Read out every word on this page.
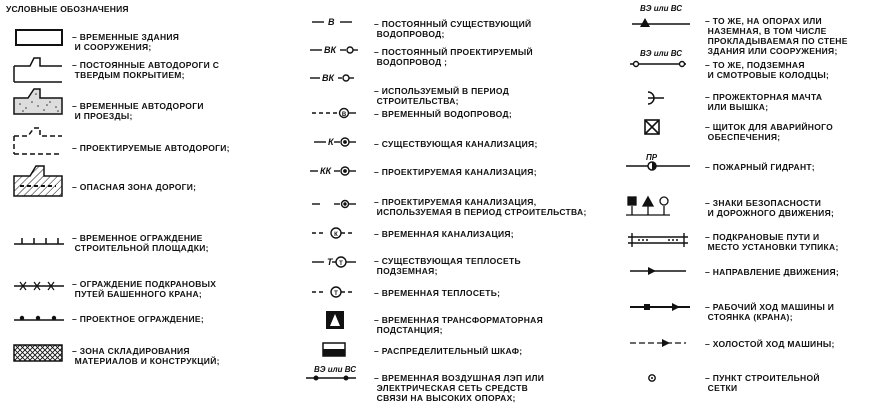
УСЛОВНЫЕ ОБОЗНАЧЕНИЯ
– ВРЕМЕННЫЕ ЗДАНИЯ
И СООРУЖЕНИЯ;
– ПОСТОЯННЫЕ АВТОДОРОГИ С
ТВЕРДЫМ ПОКРЫТИЕМ;
– ВРЕМЕННЫЕ АВТОДОРОГИ
И ПРОЕЗДЫ;
– ПРОЕКТИРУЕМЫЕ АВТОДОРОГИ;
– ОПАСНАЯ ЗОНА ДОРОГИ;
– ВРЕМЕННОЕ ОГРАЖДЕНИЕ
СТРОИТЕЛЬНОЙ ПЛОЩАДКИ;
– ОГРАЖДЕНИЕ ПОДКРАНОВЫХ
ПУТЕЙ БАШЕННОГО КРАНА;
– ПРОЕКТНОЕ ОГРАЖДЕНИЕ;
– ЗОНА СКЛАДИРОВАНИЯ
МАТЕРИАЛОВ И КОНСТРУКЦИЙ;
В
ВК
ВК
К
КК
Т
В
К
Т
Т
ВЭ или ВС
– ПОСТОЯННЫЙ СУЩЕСТВУЮЩИЙ
ВОДОПРОВОД;
– ПОСТОЯННЫЙ ПРОЕКТИРУЕМЫЙ
ВОДОПРОВОД ;
– ИСПОЛЬЗУЕМЫЙ В ПЕРИОД
СТРОИТЕЛЬСТВА;
– ВРЕМЕННЫЙ ВОДОПРОВОД;
– СУЩЕСТВУЮЩАЯ КАНАЛИЗАЦИЯ;
– ПРОЕКТИРУЕМАЯ КАНАЛИЗАЦИЯ;
– ПРОЕКТИРУЕМАЯ КАНАЛИЗАЦИЯ,
ИСПОЛЬЗУЕМАЯ В ПЕРИОД СТРОИТЕЛЬСТВА;
– ВРЕМЕННАЯ КАНАЛИЗАЦИЯ;
– СУЩЕСТВУЮЩАЯ ТЕПЛОСЕТЬ
ПОДЗЕМНАЯ;
– ВРЕМЕННАЯ ТЕПЛОСЕТЬ;
– ВРЕМЕННАЯ ТРАНСФОРМАТОРНАЯ
ПОДСТАНЦИЯ;
– РАСПРЕДЕЛИТЕЛЬНЫЙ ШКАФ;
– ВРЕМЕННАЯ ВОЗДУШНАЯ ЛЭП ИЛИ
ЭЛЕКТРИЧЕСКАЯ СЕТЬ СРЕДСТВ
СВЯЗИ НА ВЫСОКИХ ОПОРАХ;
ВЭ или ВС
ВЭ или ВС
ПР
– ТО ЖЕ, НА ОПОРАХ ИЛИ
НАЗЕМНАЯ, В ТОМ ЧИСЛЕ
ПРОКЛАДЫВАЕМАЯ ПО СТЕНЕ
ЗДАНИЯ ИЛИ СООРУЖЕНИЯ;
– ТО ЖЕ, ПОДЗЕМНАЯ
И СМОТРОВЫЕ КОЛОДЦЫ;
– ПРОЖЕКТОРНАЯ МАЧТА
ИЛИ ВЫШКА;
– ЩИТОК ДЛЯ АВАРИЙНОГО
ОБЕСПЕЧЕНИЯ;
– ПОЖАРНЫЙ ГИДРАНТ;
– ЗНАКИ БЕЗОПАСНОСТИ
И ДОРОЖНОГО ДВИЖЕНИЯ;
– ПОДКРАНОВЫЕ ПУТИ И
МЕСТО УСТАНОВКИ ТУПИКА;
– НАПРАВЛЕНИЕ ДВИЖЕНИЯ;
– РАБОЧИЙ ХОД МАШИНЫ И
СТОЯНКА (КРАНА);
– ХОЛОСТОЙ ХОД МАШИНЫ;
– ПУНКТ СТРОИТЕЛЬНОЙ
СЕТКИ
